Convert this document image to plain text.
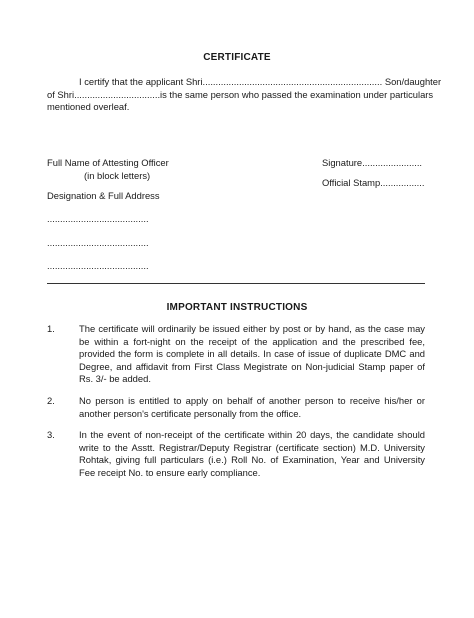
CERTIFICATE
I certify that the applicant Shri..................................................................... Son/daughter
of Shri.................................is the same person who passed the examination under particulars
mentioned overleaf.
Full Name of Attesting Officer
(in block letters)
Signature.......................
Official Stamp.................
Designation & Full Address
.......................................
.......................................
.......................................
IMPORTANT INSTRUCTIONS
1.	The certificate will ordinarily be issued either by post or by hand, as the case may be within a fort-night on the receipt of the application and the prescribed fee, provided the form is complete in all details. In case of issue of duplicate DMC and Degree, and affidavit from First Class Megistrate on Non-judicial Stamp paper of Rs. 3/- be added.
2.	No person is entitled to apply on behalf of another person to receive his/her or another person's certificate personally from the office.
3.	In the event of non-receipt of the certificate within 20 days, the candidate should write to the Asstt. Registrar/Deputy Registrar (certificate section) M.D. University Rohtak, giving full particulars (i.e.) Roll No. of Examination, Year and University Fee receipt No. to ensure early compliance.
